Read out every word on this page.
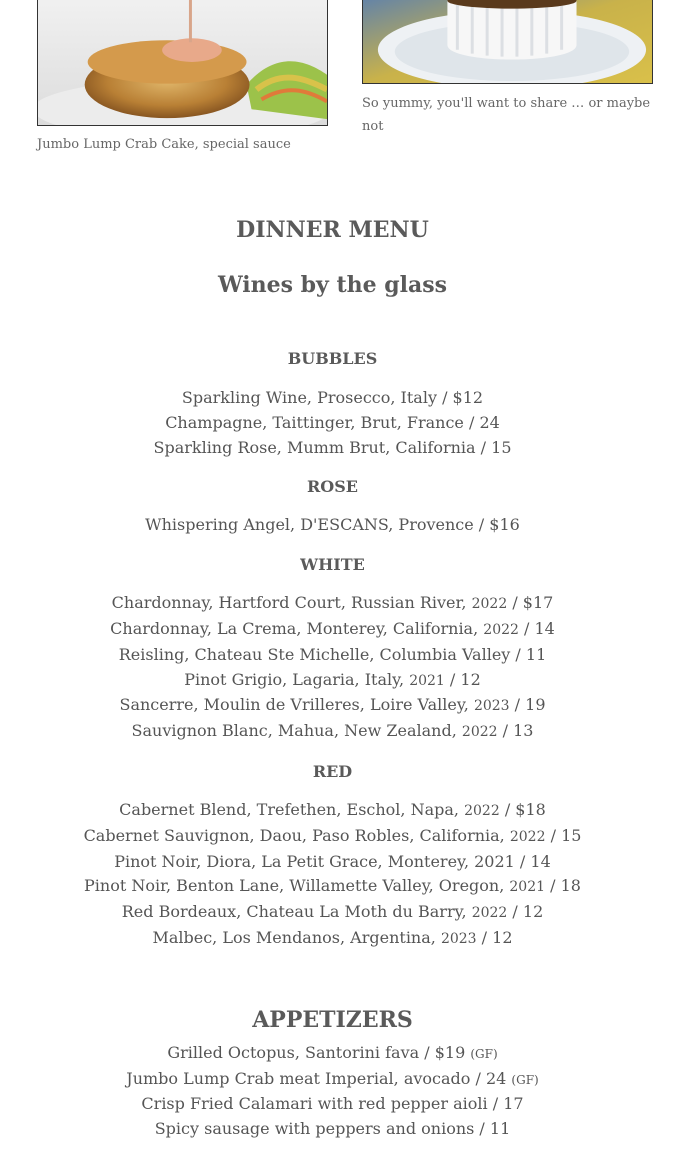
Jumbo Lump Crab Cake, special sauce

So yummy, you'll want to share … or maybe not

DINNER MENU
Wines by the glass
BUBBLES
Sparkling Wine, Prosecco, Italy / $12
Champagne, Taittinger, Brut, France / 24
Sparkling Rose, Mumm Brut, California / 15
ROSE
Whispering Angel, D'ESCANS, Provence / $16
WHITE
Chardonnay, Hartford Court, Russian River, 2022 / $17
Chardonnay, La Crema, Monterey, California, 2022 / 14
Reisling, Chateau Ste Michelle, Columbia Valley / 11
Pinot Grigio, Lagaria, Italy, 2021 / 12
Sancerre, Moulin de Vrilleres, Loire Valley, 2023 / 19
Sauvignon Blanc, Mahua, New Zealand, 2022 / 13
RED
Cabernet Blend, Trefethen, Eschol, Napa, 2022 / $18
Cabernet Sauvignon, Daou, Paso Robles, California, 2022 / 15
Pinot Noir, Diora, La Petit Grace, Monterey, 2021 / 14
Pinot Noir, Benton Lane, Willamette Valley, Oregon, 2021 / 18
Red Bordeaux, Chateau La Moth du Barry, 2022 / 12
Malbec, Los Mendanos, Argentina, 2023 / 12
APPETIZERS
Grilled Octopus, Santorini fava / $19 (GF)
Jumbo Lump Crab meat Imperial, avocado / 24 (GF)
Crisp Fried Calamari with red pepper aioli / 17
Spicy sausage with peppers and onions / 11
